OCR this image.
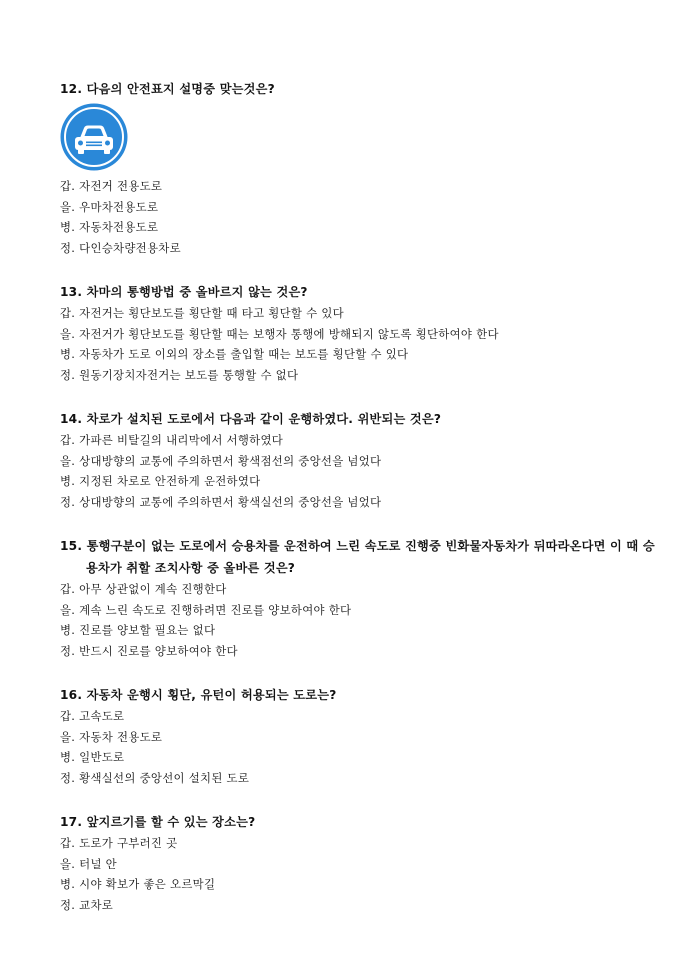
12. 다음의 안전표지 설명중 맞는것은?

갑. 자전거 전용도로
을. 우마차전용도로
병. 자동차전용도로
정. 다인승차량전용차로

13. 차마의 통행방법 중 올바르지 않는 것은?

갑. 자전거는 횡단보도를 횡단할 때 타고 횡단할 수 있다
을. 자전거가 횡단보도를 횡단할 때는 보행자 통행에 방해되지 않도록 횡단하여야 한다
병. 자동차가 도로 이외의 장소를 출입할 때는 보도를 횡단할 수 있다
정. 원동기장치자전거는 보도를 통행할 수 없다

14. 차로가 설치된 도로에서 다음과 같이 운행하였다. 위반되는 것은?

갑. 가파른 비탈길의 내리막에서 서행하였다
을. 상대방향의 교통에 주의하면서 황색점선의 중앙선을 넘었다
병. 지정된 차로로 안전하게 운전하였다
정. 상대방향의 교통에 주의하면서 황색실선의 중앙선을 넘었다

15. 통행구분이 없는 도로에서 승용차를 운전하여 느린 속도로 진행중 빈화물자동차가 뒤따라온다면 이 때 승용차가 취할 조치사항 중 올바른 것은?

갑. 아무 상관없이 계속 진행한다
을. 계속 느린 속도로 진행하려면 진로를 양보하여야 한다
병. 진로를 양보할 필요는 없다
정. 반드시 진로를 양보하여야 한다

16. 자동차 운행시 횡단, 유턴이 허용되는 도로는?

갑. 고속도로
을. 자동차 전용도로
병. 일반도로
정. 황색실선의 중앙선이 설치된 도로

17. 앞지르기를 할 수 있는 장소는?

갑. 도로가 구부러진 곳
을. 터널 안
병. 시야 확보가 좋은 오르막길
정. 교차로
